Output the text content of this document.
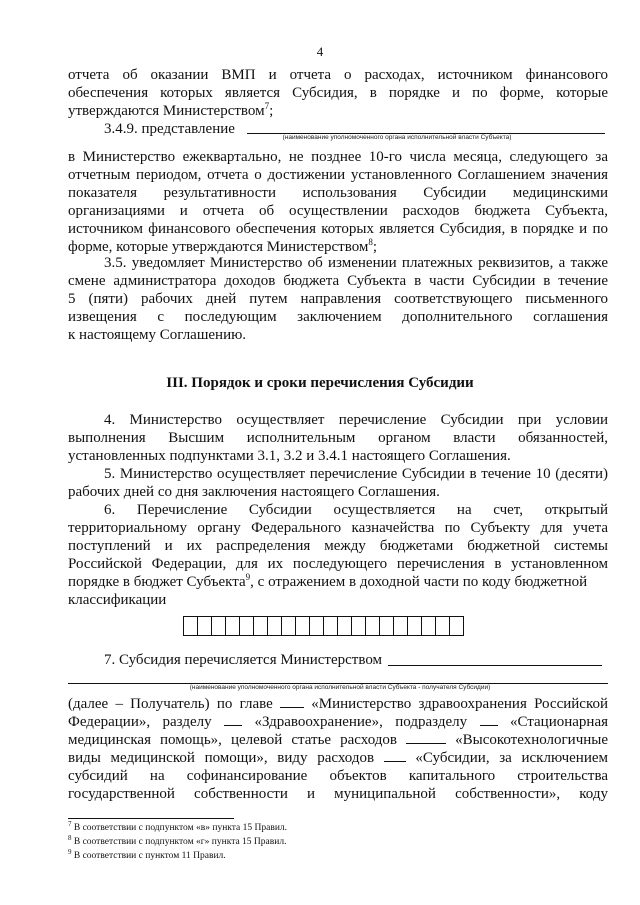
4
отчета об оказании ВМП и отчета о расходах, источником финансового
обеспечения которых является Субсидия, в порядке и по форме, которые
утверждаются Министерством$^7$;
3.4.9. представление
(наименование уполномоченного органа исполнительной власти Субъекта)
в Министерство ежеквартально, не позднее 10-го числа месяца, следующего за
отчетным периодом, отчета о достижении установленного Соглашением значения
показателя результативности использования Субсидии медицинскими
организациями и отчета об осуществлении расходов бюджета Субъекта,
источником финансового обеспечения которых является Субсидия, в порядке и по
форме, которые утверждаются Министерством$^8$;
3.5. уведомляет Министерство об изменении платежных реквизитов, а также
смене администратора доходов бюджета Субъекта в части Субсидии в течение
5 (пяти) рабочих дней путем направления соответствующего письменного
извещения с последующим заключением дополнительного соглашения
к настоящему Соглашению.
III. Порядок и сроки перечисления Субсидии
4. Министерство осуществляет перечисление Субсидии при условии
выполнения Высшим исполнительным органом власти обязанностей,
установленных подпунктами 3.1, 3.2 и 3.4.1 настоящего Соглашения.
5. Министерство осуществляет перечисление Субсидии в течение 10 (десяти)
рабочих дней со дня заключения настоящего Соглашения.
6. Перечисление Субсидии осуществляется на счет, открытый
территориальному органу Федерального казначейства по Субъекту для учета
поступлений и их распределения между бюджетами бюджетной системы
Российской Федерации, для их последующего перечисления в установленном
порядке в бюджет Субъекта$^9$, с отражением в доходной части по коду бюджетной
классификации
7. Субсидия перечисляется Министерством
(наименование уполномоченного органа исполнительной власти Субъекта - получателя Субсидии)
(далее – Получатель) по главе	«Министерство здравоохранения Российской
Федерации», разделу	«Здравоохранение», подразделу	«Стационарная
медицинская помощь», целевой статье расходов	«Высокотехнологичные
виды медицинской помощи», виду расходов	«Субсидии, за исключением
субсидий на софинансирование объектов капитального строительства
государственной собственности и муниципальной собственности», коду
$^7$ В соответствии с подпунктом «в» пункта 15 Правил.
$^8$ В соответствии с подпунктом «г» пункта 15 Правил.
$^9$ В соответствии с пунктом 11 Правил.
